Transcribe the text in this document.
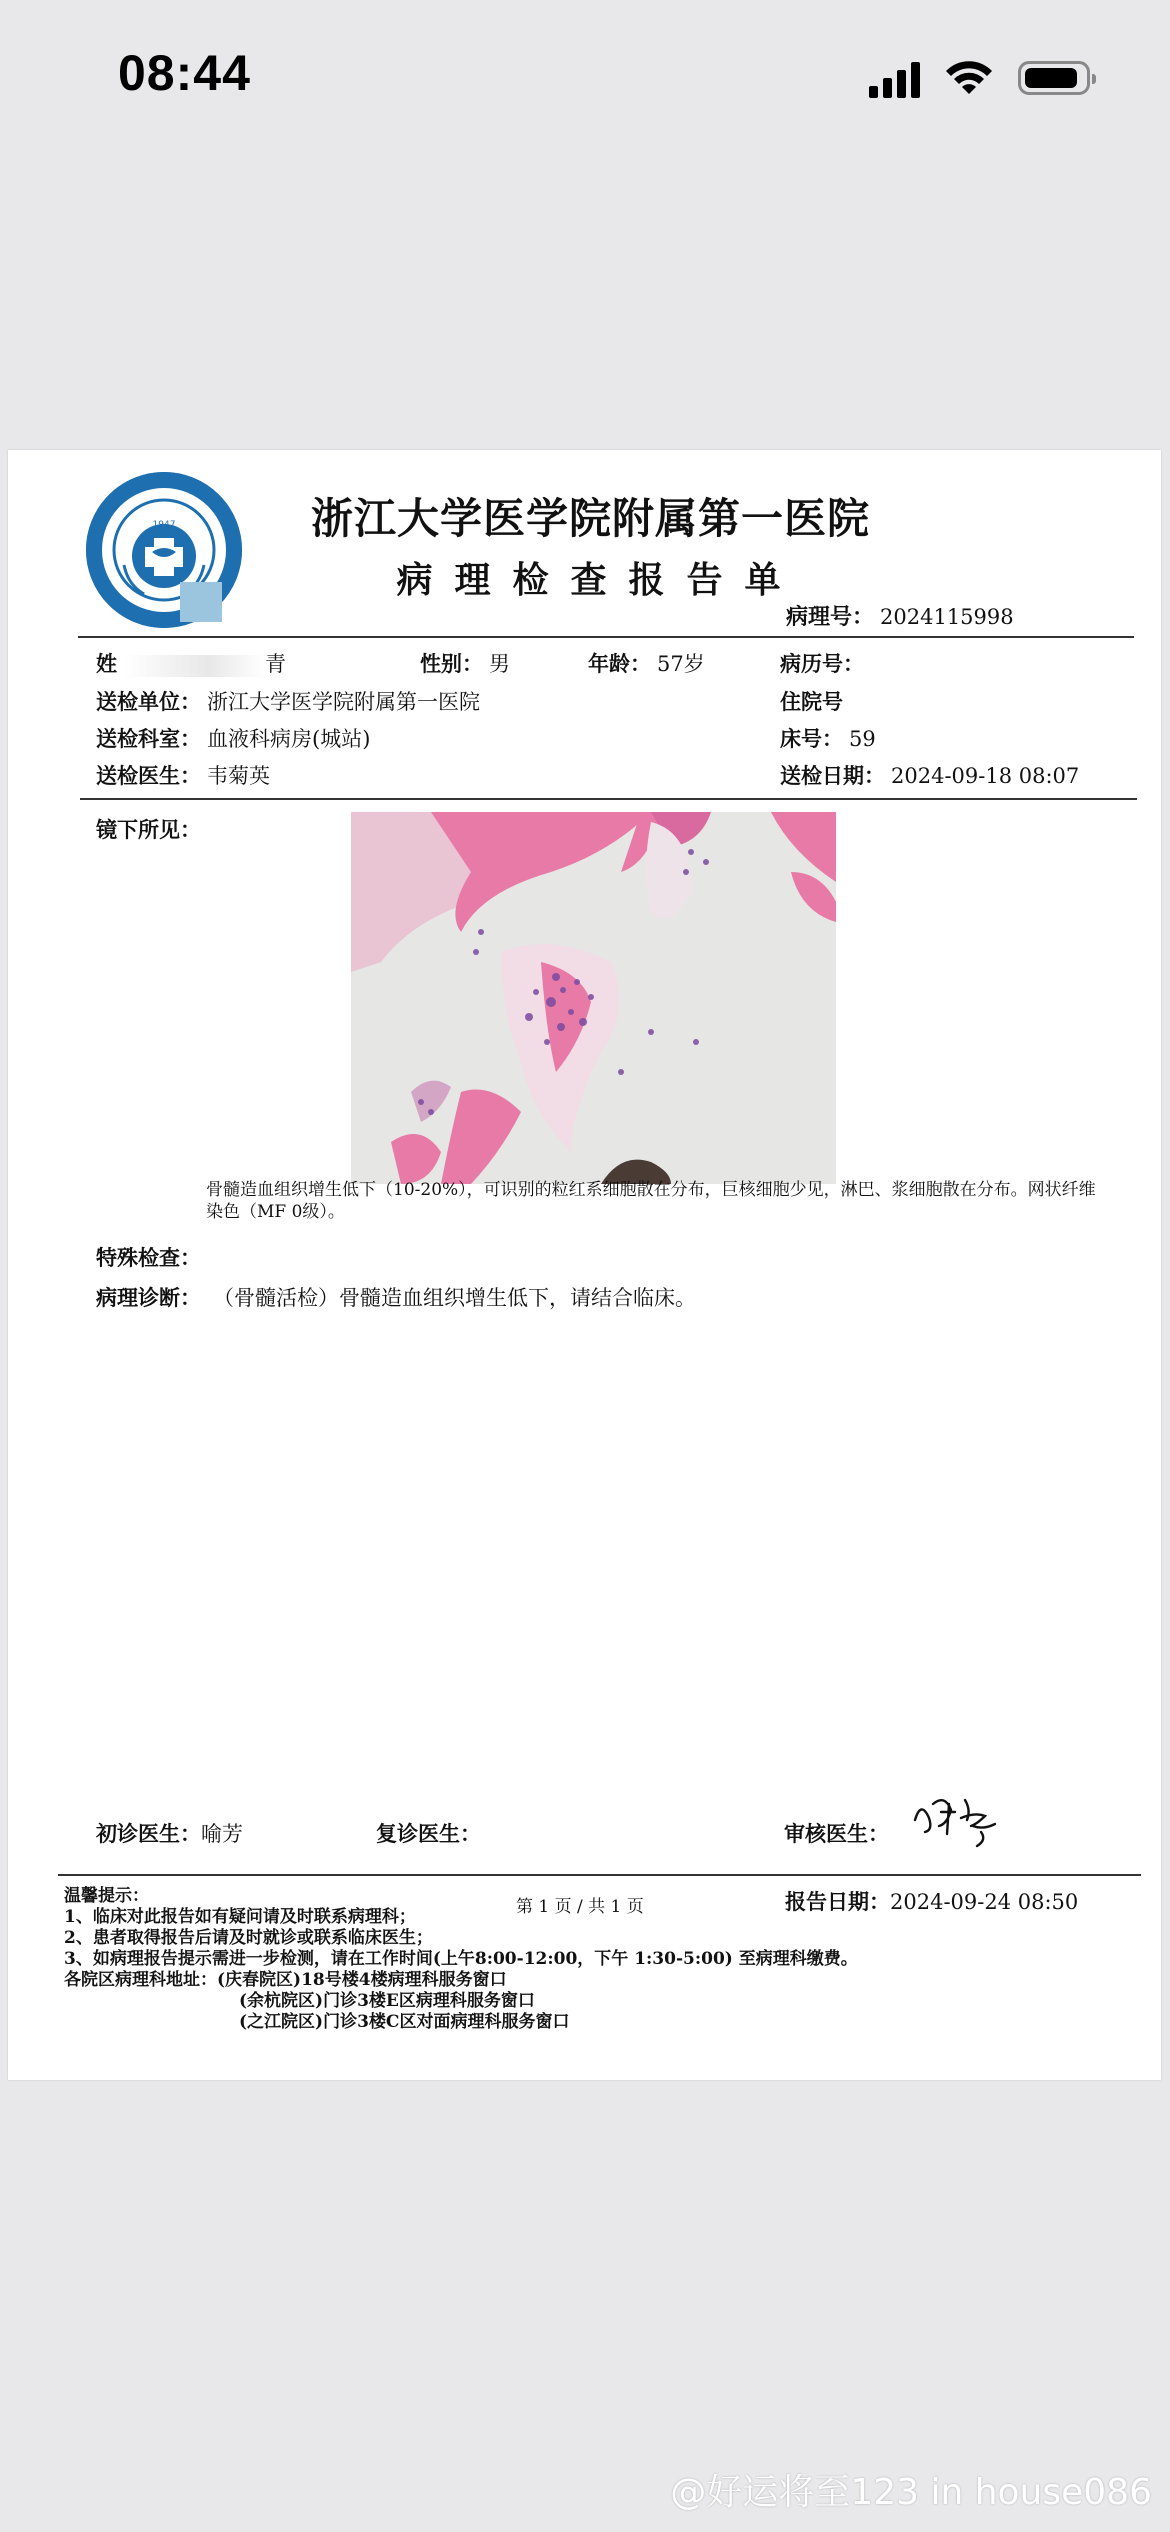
08:44
1947	浙江大学医学院附属第一医院
病理检查报告单
病理号： 2024115998
姓	青	性别： 男	年龄： 57岁	病历号：
送检单位： 浙江大学医学院附属第一医院	住院号
送检科室： 血液科病房(城站)	床号： 59
送检医生： 韦菊英	送检日期： 2024-09-18 08:07
镜下所见：
骨髓造血组织增生低下（10-20%），可识别的粒红系细胞散在分布，巨核细胞少见，淋巴、浆细胞散在分布。网状纤维染色（MF 0级）。
特殊检查：
病理诊断： （骨髓活检）骨髓造血组织增生低下，请结合临床。
初诊医生：喻芳	复诊医生：	审核医生：
温馨提示：
1、临床对此报告如有疑问请及时联系病理科；
2、患者取得报告后请及时就诊或联系临床医生；
3、如病理报告提示需进一步检测，请在工作时间(上午8:00-12:00，下午 1:30-5:00) 至病理科缴费。
各院区病理科地址：(庆春院区)18号楼4楼病理科服务窗口
(余杭院区)门诊3楼E区病理科服务窗口
(之江院区)门诊3楼C区对面病理科服务窗口
第 1 页 / 共 1 页	报告日期：2024-09-24 08:50
@好运将至123 in house086
